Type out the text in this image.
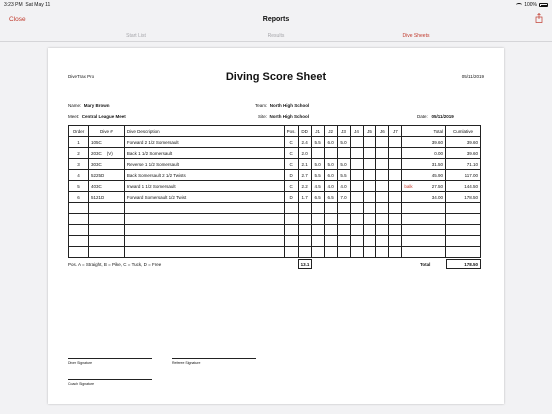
3:23 PM Sat May 11	100%
Close	Reports
Start List	Results	Dive Sheets
DiveTrax Pro	Diving Score Sheet	05/11/2019
Name: Mary Brown	Team: North High School
Meet: Central League Meet	Site: North High School	Date: 05/11/2019
Order	Dive #	Dive Description	Pos.	DD	J1	J2	J3	J4	J5	J6	J7	Total	Cumlative
1	105C	Forward 2 1/2 Somersault	C	2.4	5.5	6.0	5.0					39.60	39.60
2	203C (V)	Back 1 1/2 Somersault	C	2.0								0.00	39.60
3	303C	Reverse 1 1/2 Somersault	C	2.1	5.0	5.0	5.0					31.50	71.10
4	5225D	Back Somersault 2 1/2 Twists	D	2.7	5.5	6.0	5.5					45.90	117.00
5	403C	Inward 1 1/2 Somersault	C	2.2	4.5	4.0	4.0					balk 27.50	144.50
6	5121D	Forward Somersault 1/2 Twist	D	1.7	6.5	6.5	7.0					34.00	178.50

Pos. A = Straight, B = Pike, C = Tuck, D = Free	13.1	Total	178.50
Diver Signature	Referee Signature
Coach Signature
